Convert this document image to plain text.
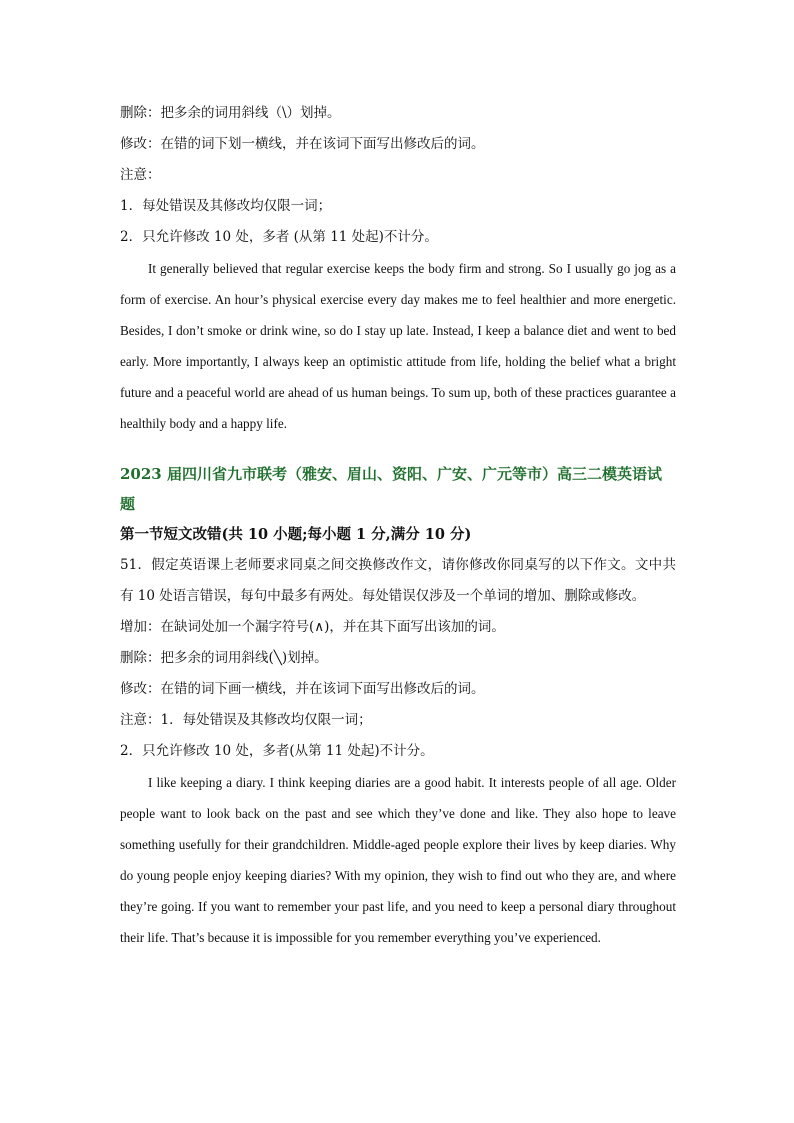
删除：把多余的词用斜线（\）划掉。
修改：在错的词下划一横线，并在该词下面写出修改后的词。
注意：
1．每处错误及其修改均仅限一词；
2．只允许修改 10 处，多者 (从第 11 处起)不计分。

It generally believed that regular exercise keeps the body firm and strong. So I usually go jog as a form of exercise. An hour’s physical exercise every day makes me to feel healthier and more energetic. Besides, I don’t smoke or drink wine, so do I stay up late. Instead, I keep a balance diet and went to bed early. More importantly, I always keep an optimistic attitude from life, holding the belief what a bright future and a peaceful world are ahead of us human beings. To sum up, both of these practices guarantee a healthily body and a happy life.

2023 届四川省九市联考（雅安、眉山、资阳、广安、广元等市）高三二模英语试题

第一节短文改错(共 10 小题;每小题 1 分,满分 10 分)

51．假定英语课上老师要求同桌之间交换修改作文，请你修改你同桌写的以下作文。文中共有 10 处语言错误，每句中最多有两处。每处错误仅涉及一个单词的增加、删除或修改。

增加：在缺词处加一个漏字符号(∧)，并在其下面写出该加的词。
删除：把多余的词用斜线(╲)划掉。
修改：在错的词下画一横线，并在该词下面写出修改后的词。
注意：1．每处错误及其修改均仅限一词；
2．只允许修改 10 处，多者(从第 11 处起)不计分。

I like keeping a diary. I think keeping diaries are a good habit. It interests people of all age. Older people want to look back on the past and see which they’ve done and like. They also hope to leave something usefully for their grandchildren. Middle-aged people explore their lives by keep diaries. Why do young people enjoy keeping diaries? With my opinion, they wish to find out who they are, and where they’re going. If you want to remember your past life, and you need to keep a personal diary throughout their life. That’s because it is impossible for you remember everything you’ve experienced.
